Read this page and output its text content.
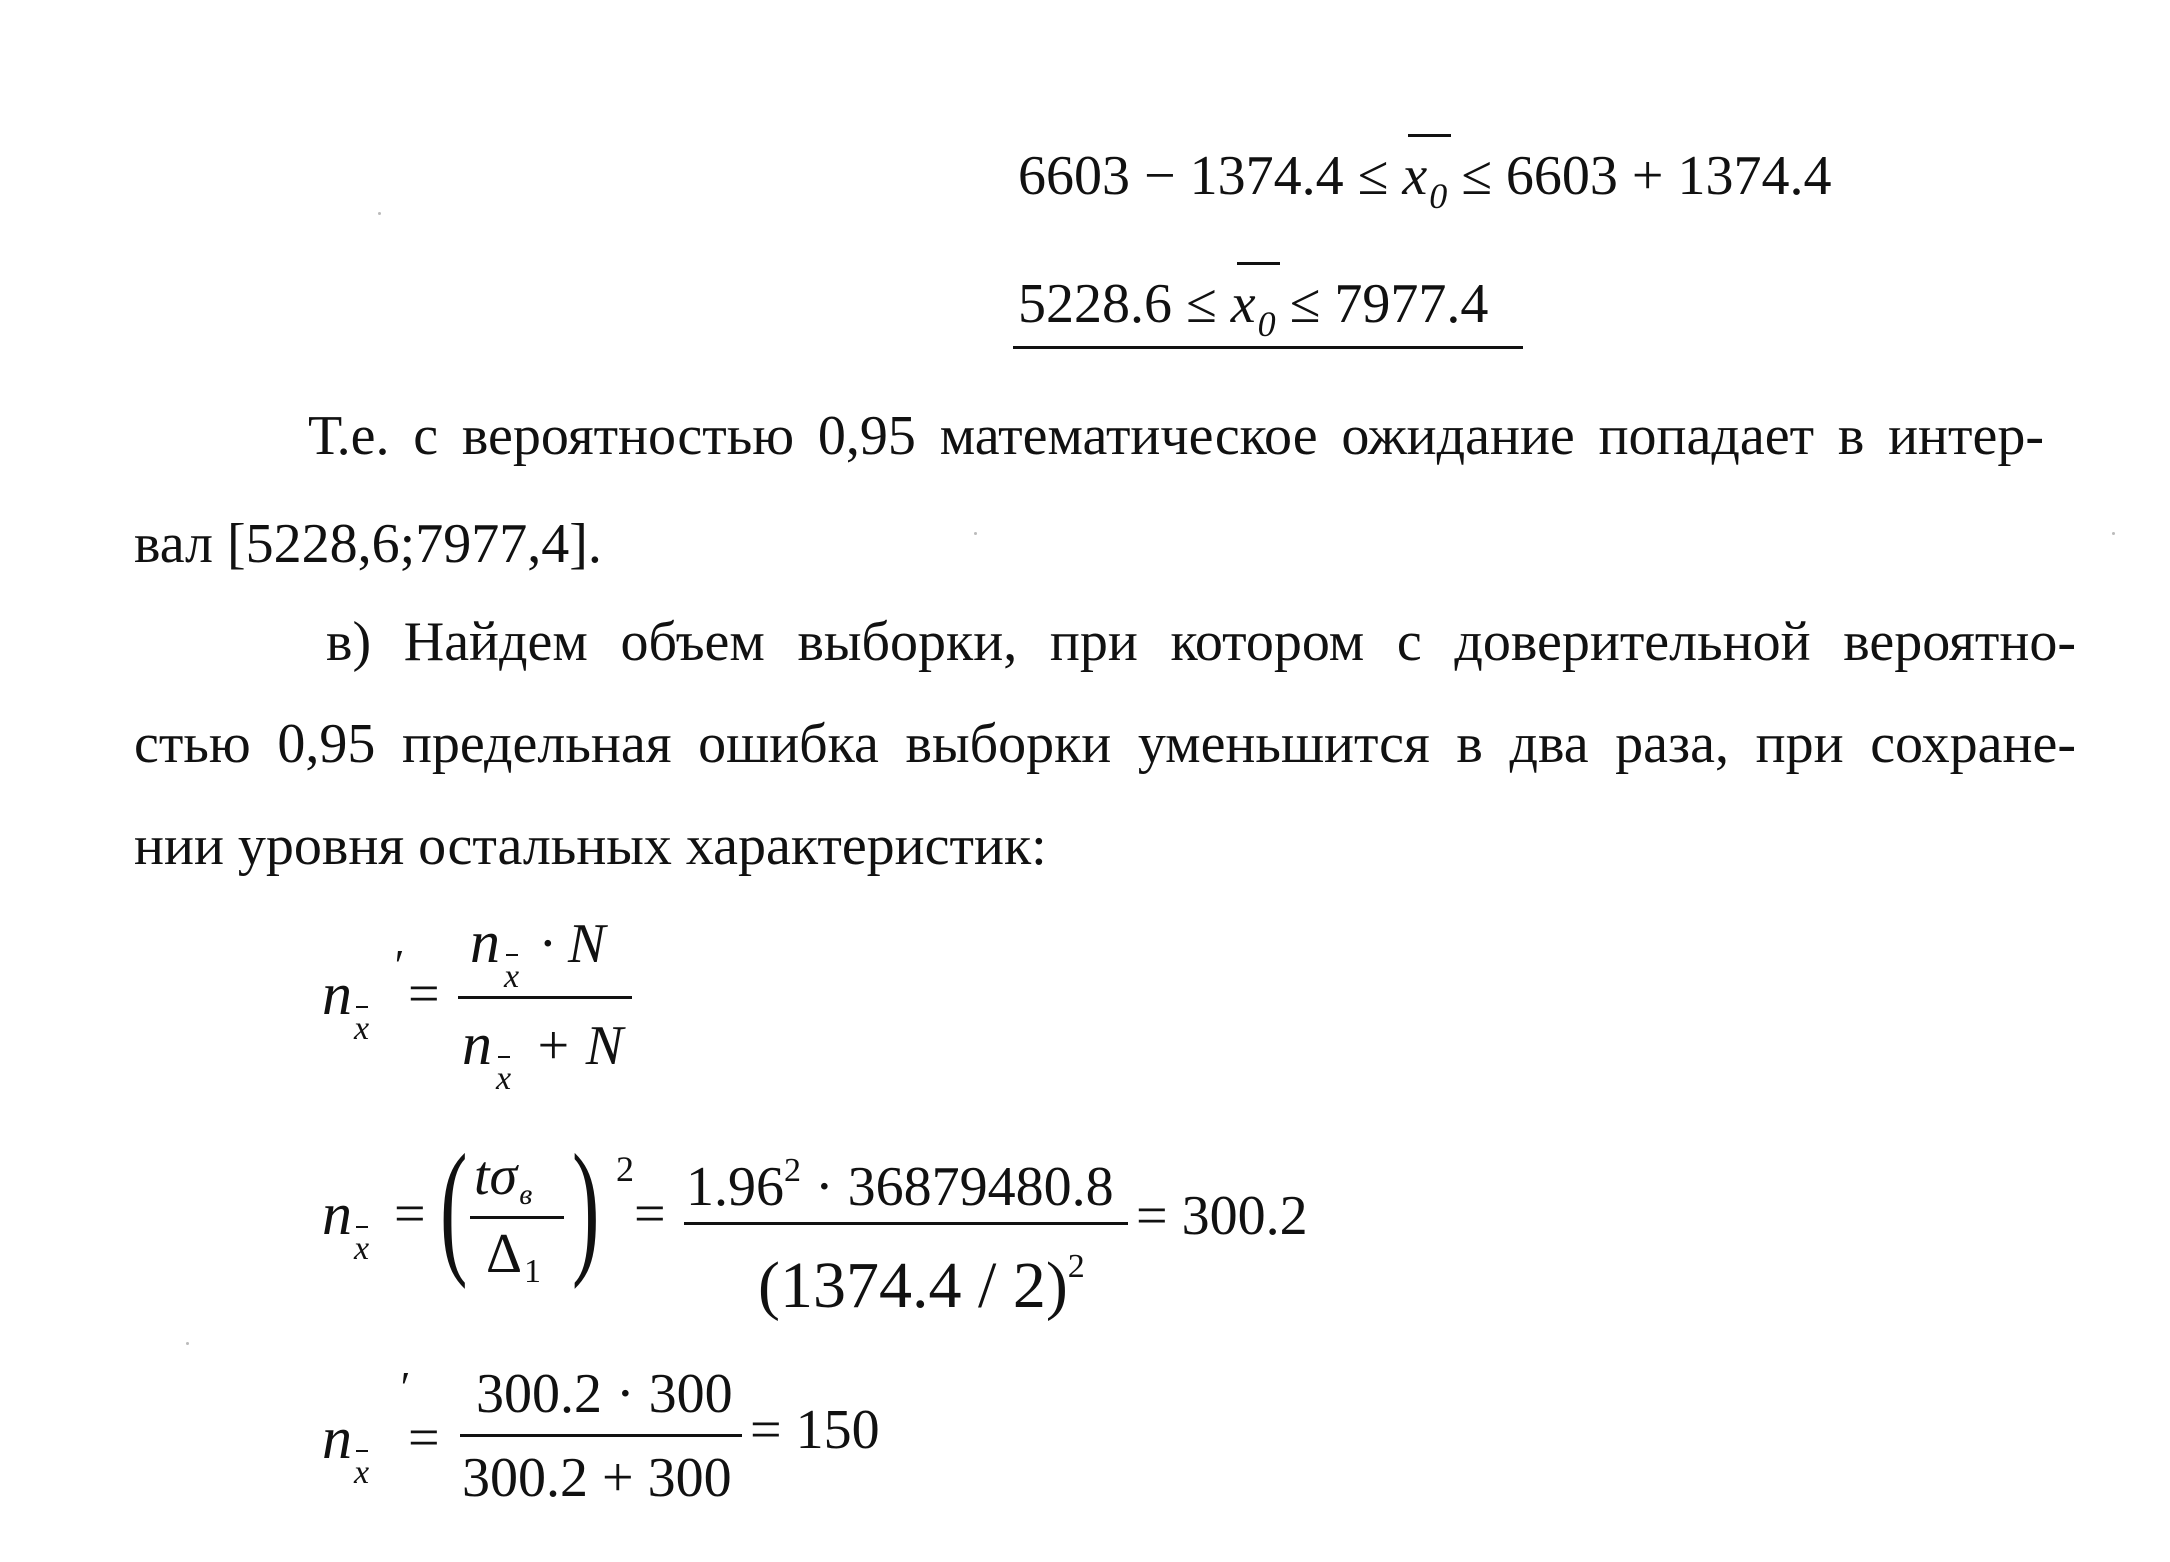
$6603 - 1374.4 \le x_0 \le 6603 + 1374.4$
$5228.6 \le x_0 \le 7977.4$
Т.е. с вероятностью 0,95 математическое ожидание попадает в интер-
вал [5228,6;7977,4].
в) Найдем объем выборки, при котором с доверительной вероятно-
стью 0,95 предельная ошибка выборки уменьшится в два раза, при сохране-
нии уровня остальных характеристик:
′
n
x
=
n
x
· N
n
x
+ N
n
x
= ( tσв
Δ1 ) 2
= $1.96^2 \cdot 36879480.8$
(1374.4 / 2)$^2$
= 300.2
′
n
x
=
300.2 · 300
300.2 + 300
= 150
